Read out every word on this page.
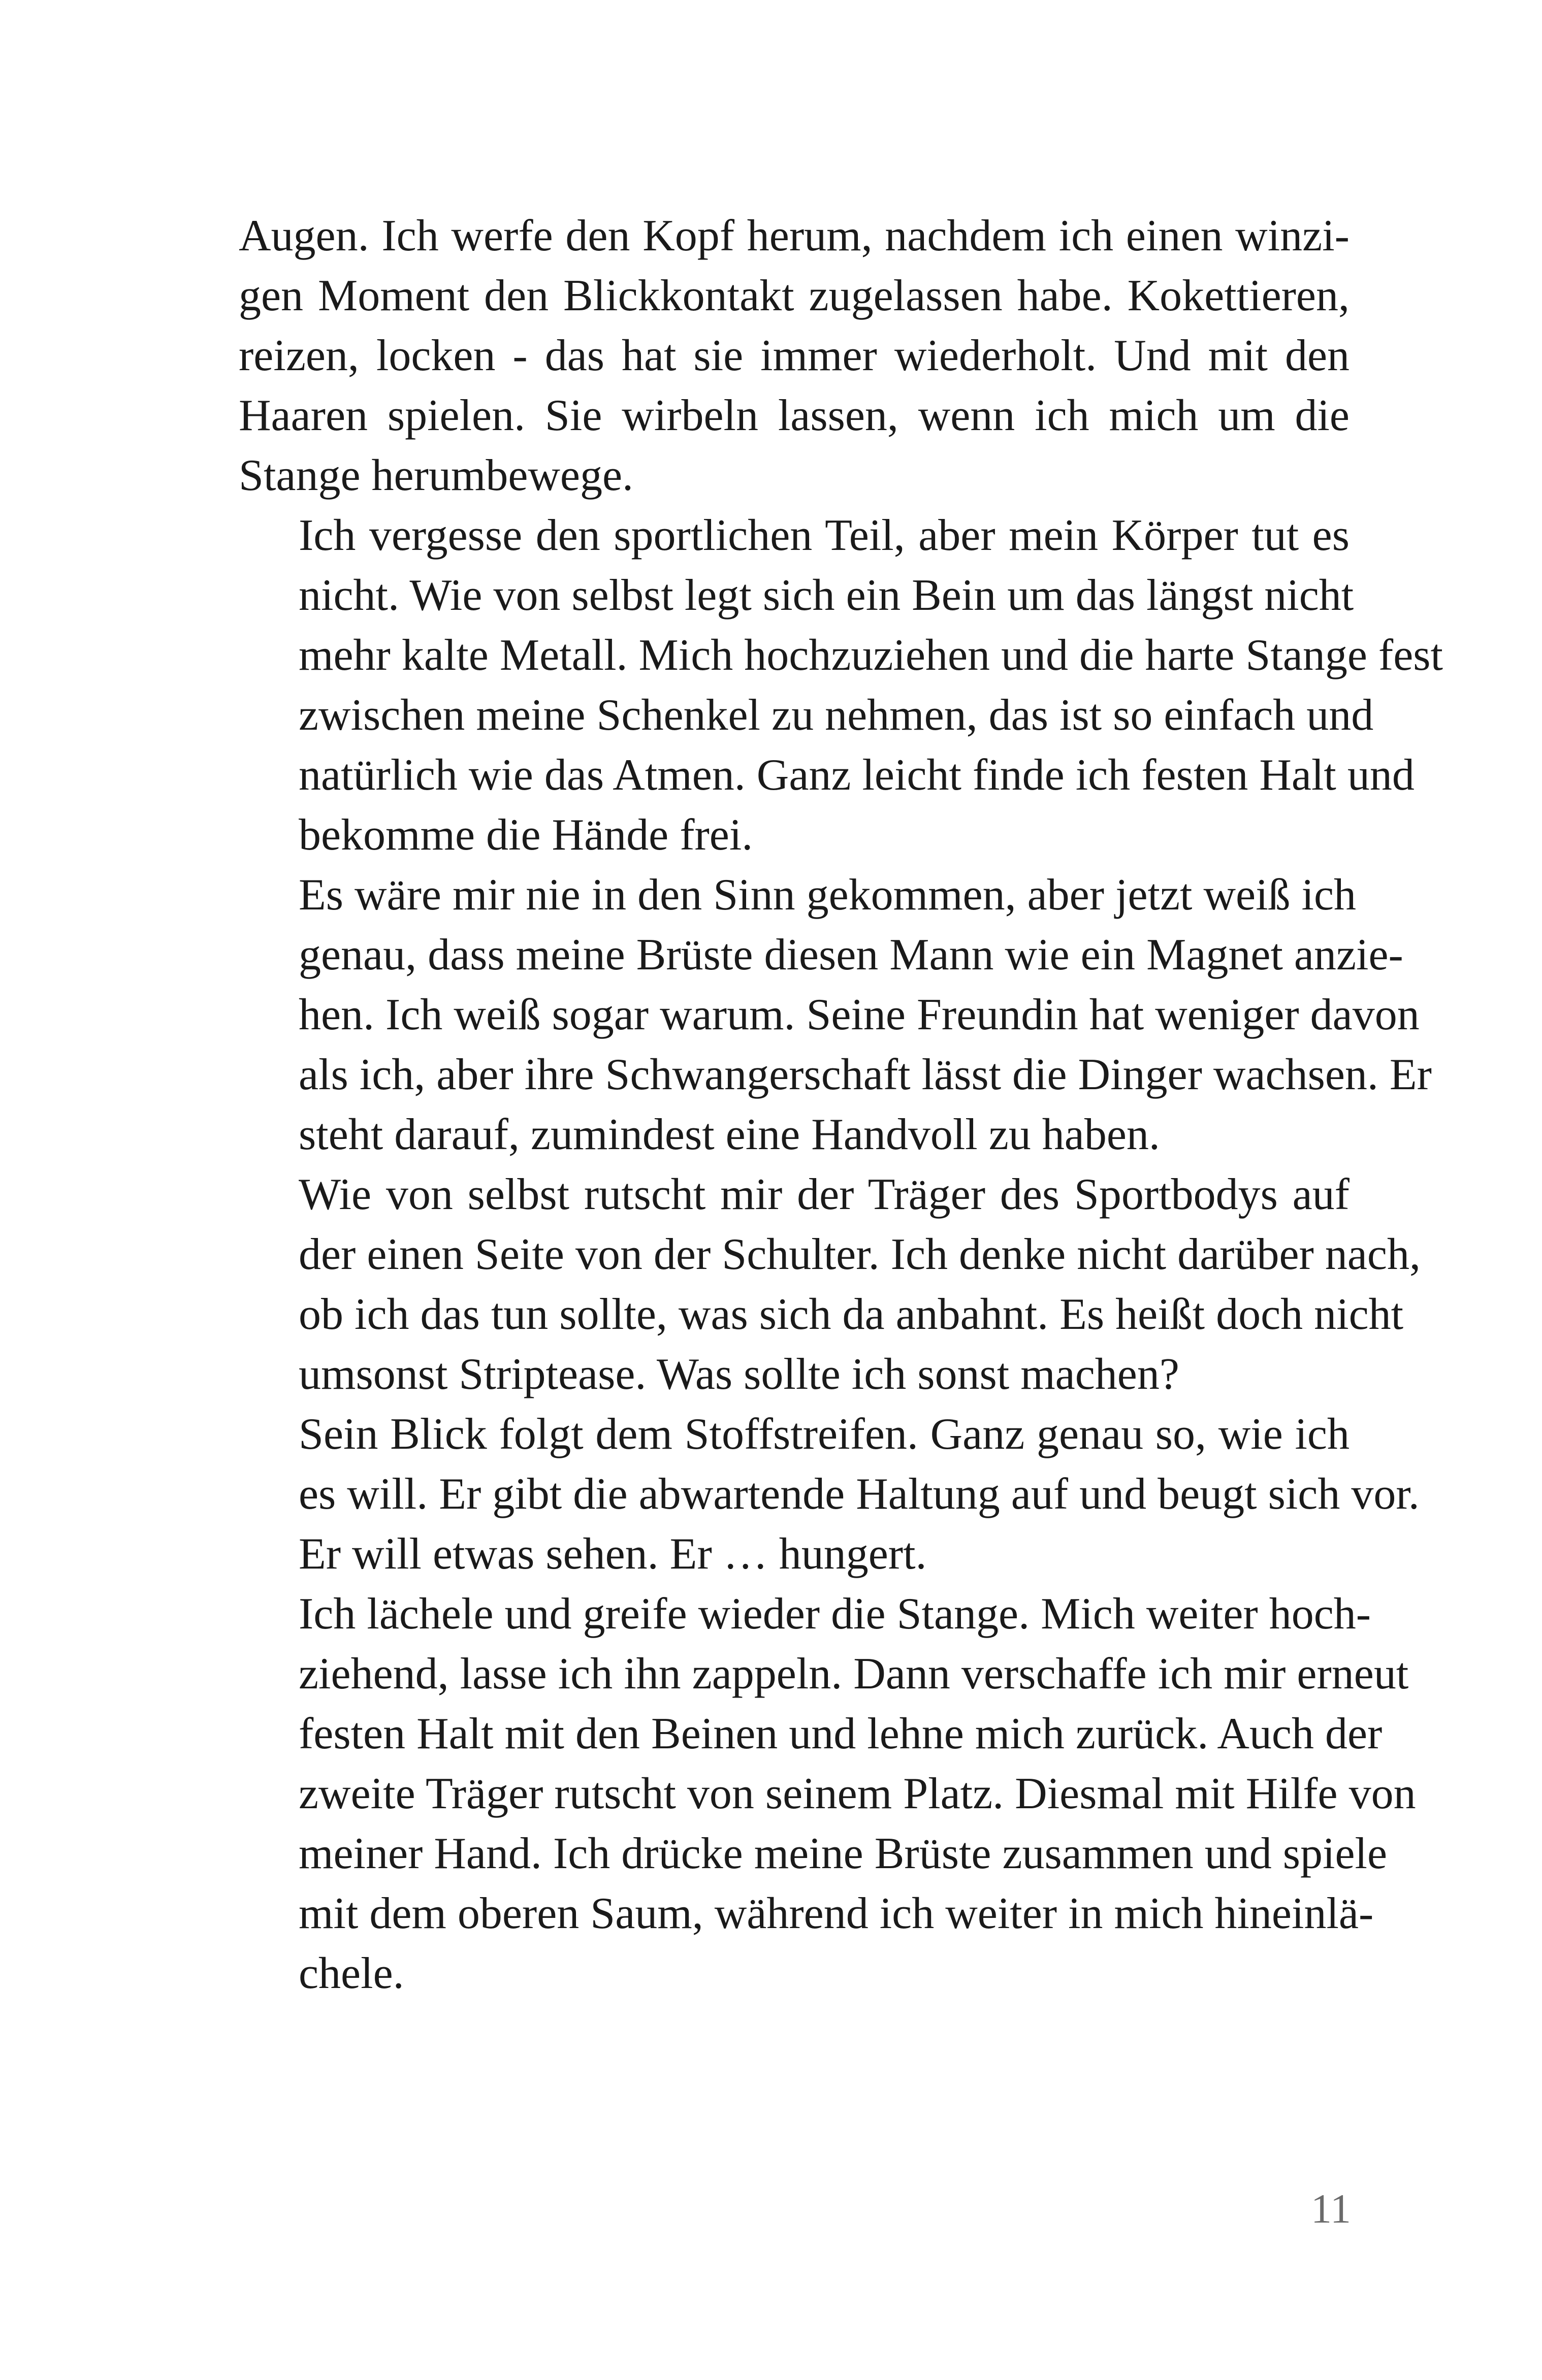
Augen. Ich werfe den Kopf herum, nachdem ich einen winzi-
gen Moment den Blickkontakt zugelassen habe. Kokettieren,
reizen, locken - das hat sie immer wiederholt. Und mit den
Haaren spielen. Sie wirbeln lassen, wenn ich mich um die
Stange herumbewege.

Ich vergesse den sportlichen Teil, aber mein Körper tut es
nicht. Wie von selbst legt sich ein Bein um das längst nicht
mehr kalte Metall. Mich hochzuziehen und die harte Stange fest
zwischen meine Schenkel zu nehmen, das ist so einfach und
natürlich wie das Atmen. Ganz leicht finde ich festen Halt und
bekomme die Hände frei.

Es wäre mir nie in den Sinn gekommen, aber jetzt weiß ich
genau, dass meine Brüste diesen Mann wie ein Magnet anzie-
hen. Ich weiß sogar warum. Seine Freundin hat weniger davon
als ich, aber ihre Schwangerschaft lässt die Dinger wachsen. Er
steht darauf, zumindest eine Handvoll zu haben.

Wie von selbst rutscht mir der Träger des Sportbodys auf
der einen Seite von der Schulter. Ich denke nicht darüber nach,
ob ich das tun sollte, was sich da anbahnt. Es heißt doch nicht
umsonst Striptease. Was sollte ich sonst machen?

Sein Blick folgt dem Stoffstreifen. Ganz genau so, wie ich
es will. Er gibt die abwartende Haltung auf und beugt sich vor.
Er will etwas sehen. Er … hungert.

Ich lächele und greife wieder die Stange. Mich weiter hoch-
ziehend, lasse ich ihn zappeln. Dann verschaffe ich mir erneut
festen Halt mit den Beinen und lehne mich zurück. Auch der
zweite Träger rutscht von seinem Platz. Diesmal mit Hilfe von
meiner Hand. Ich drücke meine Brüste zusammen und spiele
mit dem oberen Saum, während ich weiter in mich hineinlä-
chele.

11
